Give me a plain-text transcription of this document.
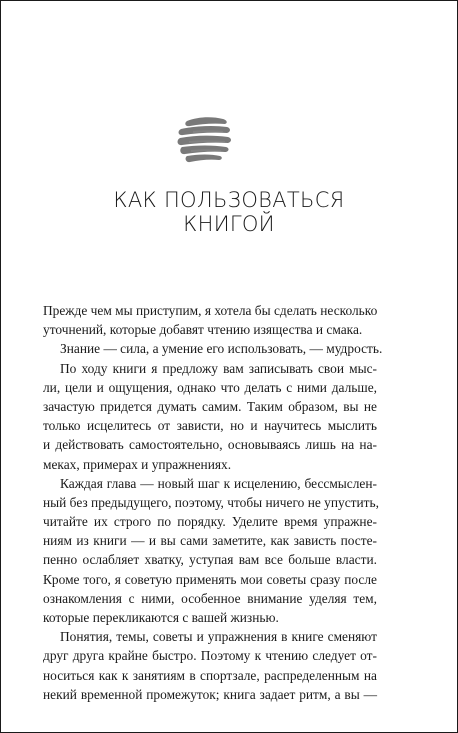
КАК ПОЛЬЗОВАТЬСЯ
КНИГОЙ
Прежде чем мы приступим, я хотела бы сделать несколько
уточнений, которые добавят чтению изящества и смака.
Знание — сила, а умение его использовать, — мудрость.
По ходу книги я предложу вам записывать свои мыс-
ли, цели и ощущения, однако что делать с ними дальше,
зачастую придется думать самим. Таким образом, вы не
только исцелитесь от зависти, но и научитесь мыслить
и действовать самостоятельно, основываясь лишь на на-
меках, примерах и упражнениях.
Каждая глава — новый шаг к исцелению, бессмыслен-
ный без предыдущего, поэтому, чтобы ничего не упустить,
читайте их строго по порядку. Уделите время упражне-
ниям из книги — и вы сами заметите, как зависть посте-
пенно ослабляет хватку, уступая вам все больше власти.
Кроме того, я советую применять мои советы сразу после
ознакомления с ними, особенное внимание уделяя тем,
которые перекликаются с вашей жизнью.
Понятия, темы, советы и упражнения в книге сменяют
друг друга крайне быстро. Поэтому к чтению следует от-
носиться как к занятиям в спортзале, распределенным на
некий временной промежуток; книга задает ритм, а вы —
